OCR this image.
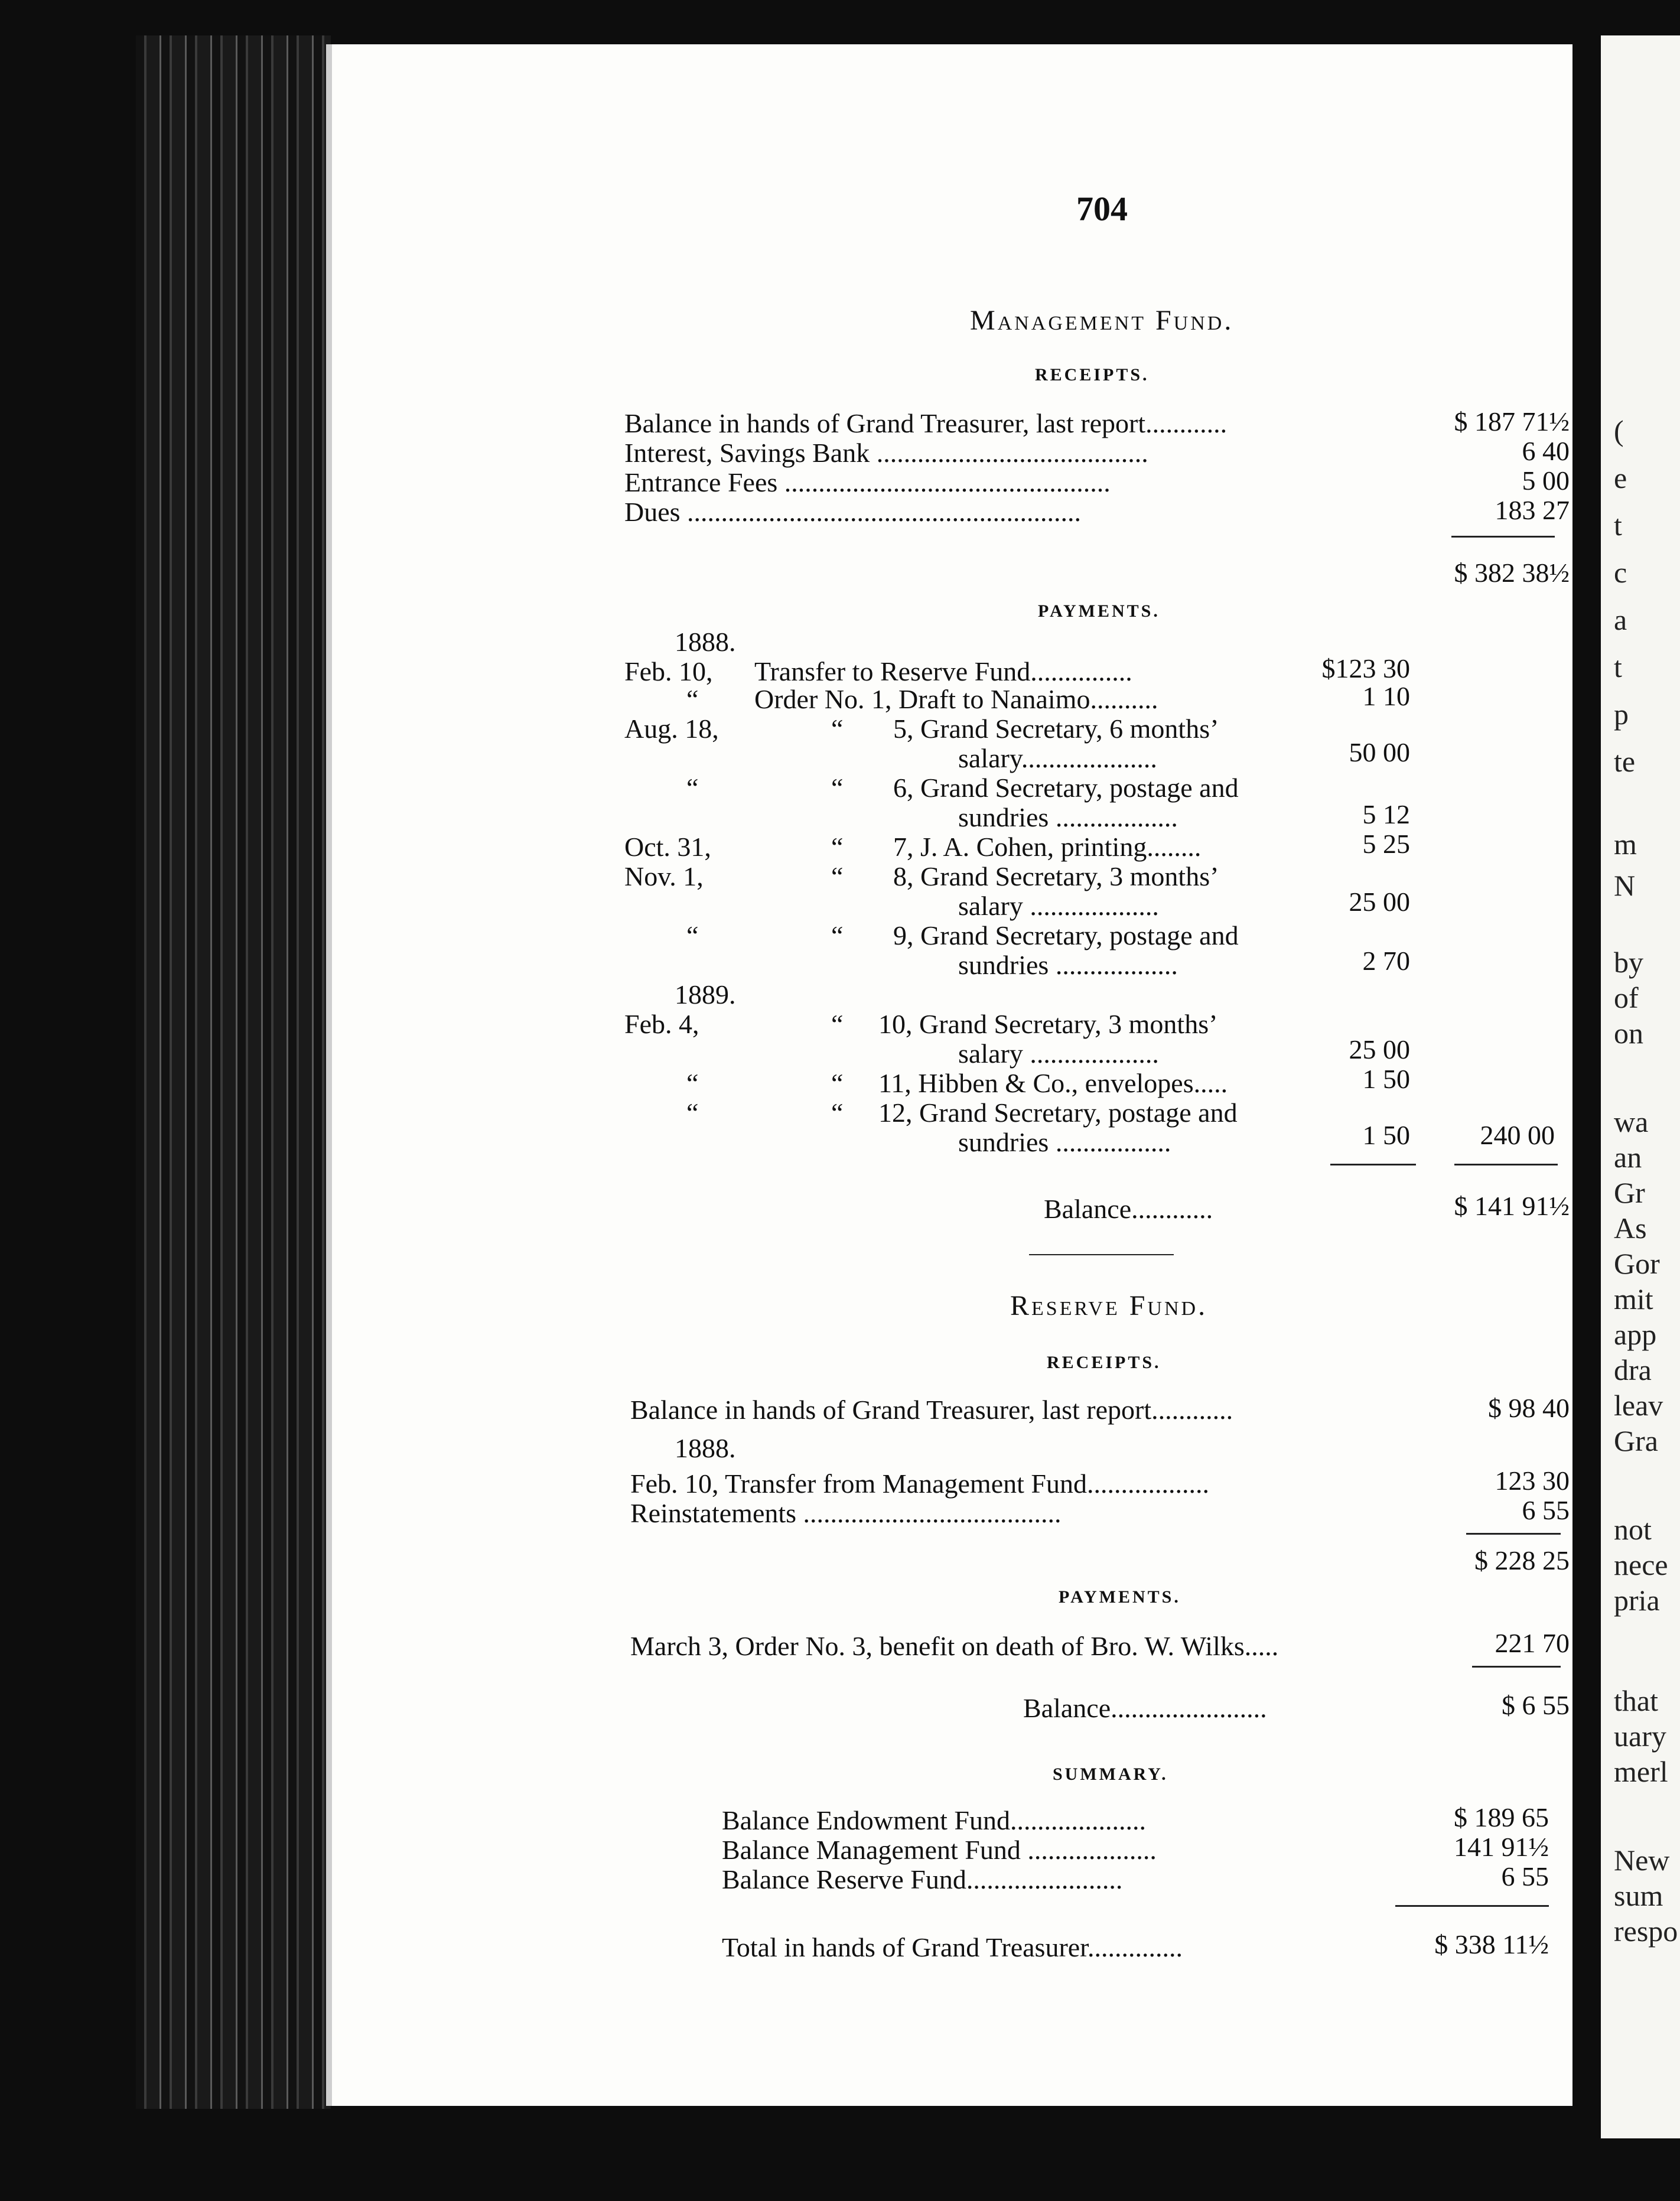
(
e
t
c
a
t
p
te
m
N
by
of
on
wa
an
Gr
As
Gor
mit
app
dra
leav
Gra
not
nece
pria
that
uary
merl
New
sum
respo
704
Management Fund.
RECEIPTS.
Balance in hands of Grand Treasurer, last report............	$ 187 71½
Interest, Savings Bank ........................................	6 40
Entrance Fees ................................................	5 00
Dues ..........................................................	183 27
$ 382 38½
PAYMENTS.
1888.
Feb. 10, Transfer to Reserve Fund...............	$123 30
“ Order No. 1, Draft to Nanaimo..........	1 10
Aug. 18,	“ 5, Grand Secretary, 6 months’
salary....................	50 00
“	“ 6, Grand Secretary, postage and
sundries ..................	5 12
Oct. 31,	“ 7, J. A. Cohen, printing........	5 25
Nov. 1,	“ 8, Grand Secretary, 3 months’
salary ...................	25 00
“	“ 9, Grand Secretary, postage and
sundries ..................	2 70
1889.
Feb. 4,	“ 10, Grand Secretary, 3 months’
salary ...................	25 00
“	“ 11, Hibben & Co., envelopes.....	1 50
“	“ 12, Grand Secretary, postage and
sundries .................	1 50	240 00
Balance............	$ 141 91½
Reserve Fund.
RECEIPTS.
Balance in hands of Grand Treasurer, last report............	$ 98 40
1888.
Feb. 10, Transfer from Management Fund..................	123 30
Reinstatements ......................................	6 55
$ 228 25
PAYMENTS.
March 3, Order No. 3, benefit on death of Bro. W. Wilks.....	221 70
Balance.......................	$ 6 55
SUMMARY.
Balance Endowment Fund....................	$ 189 65
Balance Management Fund ...................	141 91½
Balance Reserve Fund.......................	6 55
Total in hands of Grand Treasurer..............	$ 338 11½
